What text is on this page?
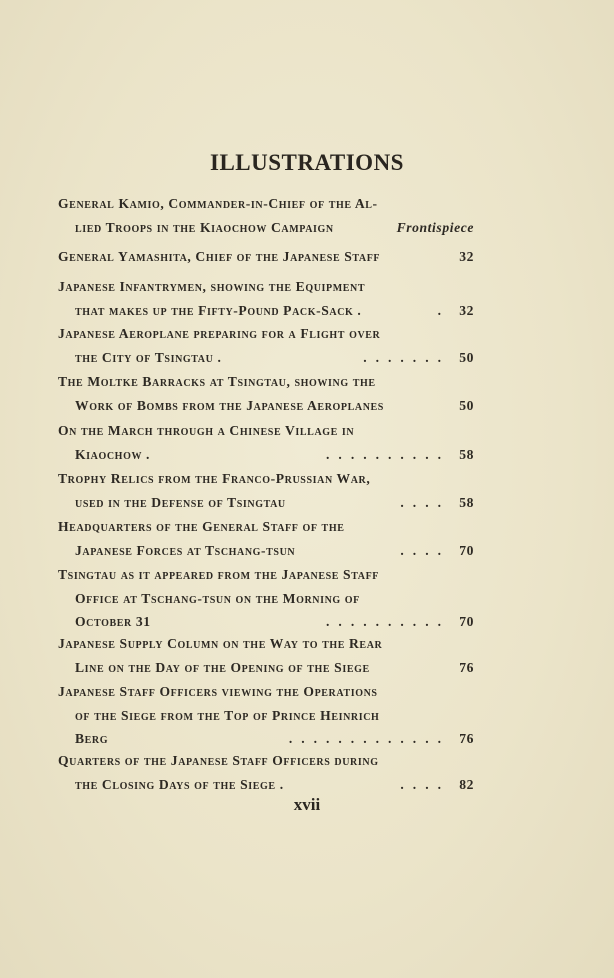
ILLUSTRATIONS
General Kamio, Commander-in-Chief of the Al-
lied Troops in the Kiaochow Campaign	Frontispiece
General Yamashita, Chief of the Japanese Staff	32
Japanese Infantrymen, showing the Equipment
that makes up the Fifty-Pound Pack-Sack .	. 32
Japanese Aeroplane preparing for a Flight over
the City of Tsingtau .	....... 50
The Moltke Barracks at Tsingtau, showing the
Work of Bombs from the Japanese Aeroplanes	50
On the March through a Chinese Village in
Kiaochow .	.......... 58
Trophy Relics from the Franco-Prussian War,
used in the Defense of Tsingtau	.... 58
Headquarters of the General Staff of the
Japanese Forces at Tschang-tsun	.... 70
Tsingtau as it appeared from the Japanese Staff
Office at Tschang-tsun on the Morning of
October 31	.......... 70
Japanese Supply Column on the Way to the Rear
Line on the Day of the Opening of the Siege	76
Japanese Staff Officers viewing the Operations
of the Siege from the Top of Prince Heinrich
Berg	............. 76
Quarters of the Japanese Staff Officers during
the Closing Days of the Siege .	.... 82
xvii
